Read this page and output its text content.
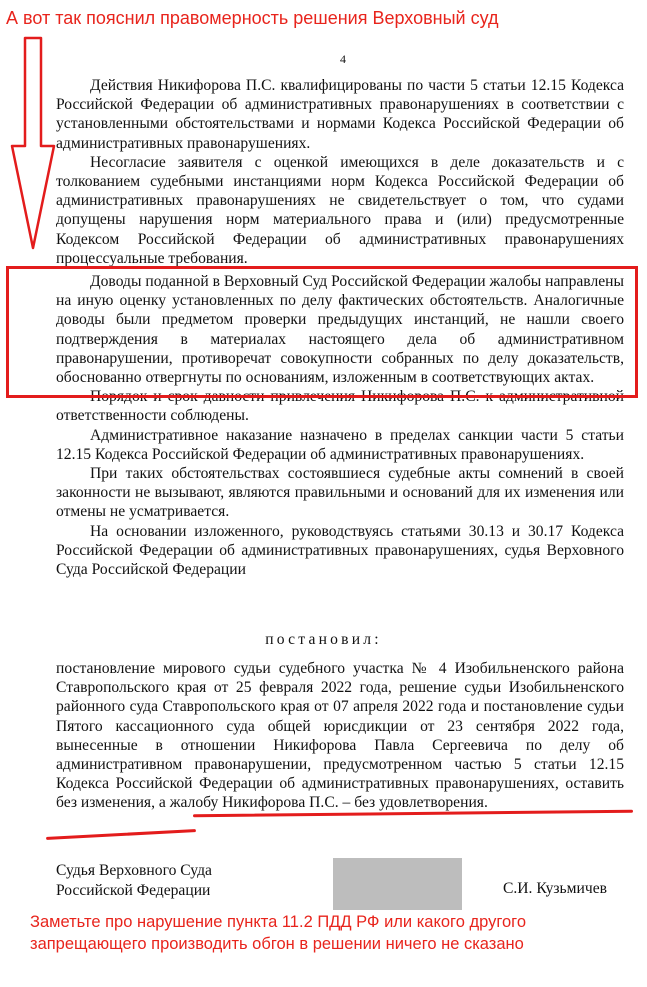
А вот так пояснил правомерность решения Верховный суд
4

Действия Никифорова П.С. квалифицированы по части 5 статьи 12.15 Кодекса Российской Федерации об административных правонарушениях в соответствии с установленными обстоятельствами и нормами Кодекса Российской Федерации об административных правонарушениях.

Несогласие заявителя с оценкой имеющихся в деле доказательств и с толкованием судебными инстанциями норм Кодекса Российской Федерации об административных правонарушениях не свидетельствует о том, что судами допущены нарушения норм материального права и (или) предусмотренные Кодексом Российской Федерации об административных правонарушениях процессуальные требования.

Доводы поданной в Верховный Суд Российской Федерации жалобы направлены на иную оценку установленных по делу фактических обстоятельств. Аналогичные доводы были предметом проверки предыдущих инстанций, не нашли своего подтверждения в материалах настоящего дела об административном правонарушении, противоречат совокупности собранных по делу доказательств, обоснованно отвергнуты по основаниям, изложенным в соответствующих актах.

Порядок и срок давности привлечения Никифорова П.С. к административной ответственности соблюдены.

Административное наказание назначено в пределах санкции части 5 статьи 12.15 Кодекса Российской Федерации об административных правонарушениях.

При таких обстоятельствах состоявшиеся судебные акты сомнений в своей законности не вызывают, являются правильными и оснований для их изменения или отмены не усматривается.

На основании изложенного, руководствуясь статьями 30.13 и 30.17 Кодекса Российской Федерации об административных правонарушениях, судья Верховного Суда Российской Федерации

постановил:

постановление мирового судьи судебного участка № 4 Изобильненского района Ставропольского края от 25 февраля 2022 года, решение судьи Изобильненского районного суда Ставропольского края от 07 апреля 2022 года и постановление судьи Пятого кассационного суда общей юрисдикции от 23 сентября 2022 года, вынесенные в отношении Никифорова Павла Сергеевича по делу об административном правонарушении, предусмотренном частью 5 статьи 12.15 Кодекса Российской Федерации об административных правонарушениях, оставить без изменения, а жалобу Никифорова П.С. – без удовлетворения.

Судья Верховного Суда
Российской Федерации	С.И. Кузьмичев
Заметьте про нарушение пункта 11.2 ПДД РФ или какого другого запрещающего производить обгон в решении ничего не сказано
